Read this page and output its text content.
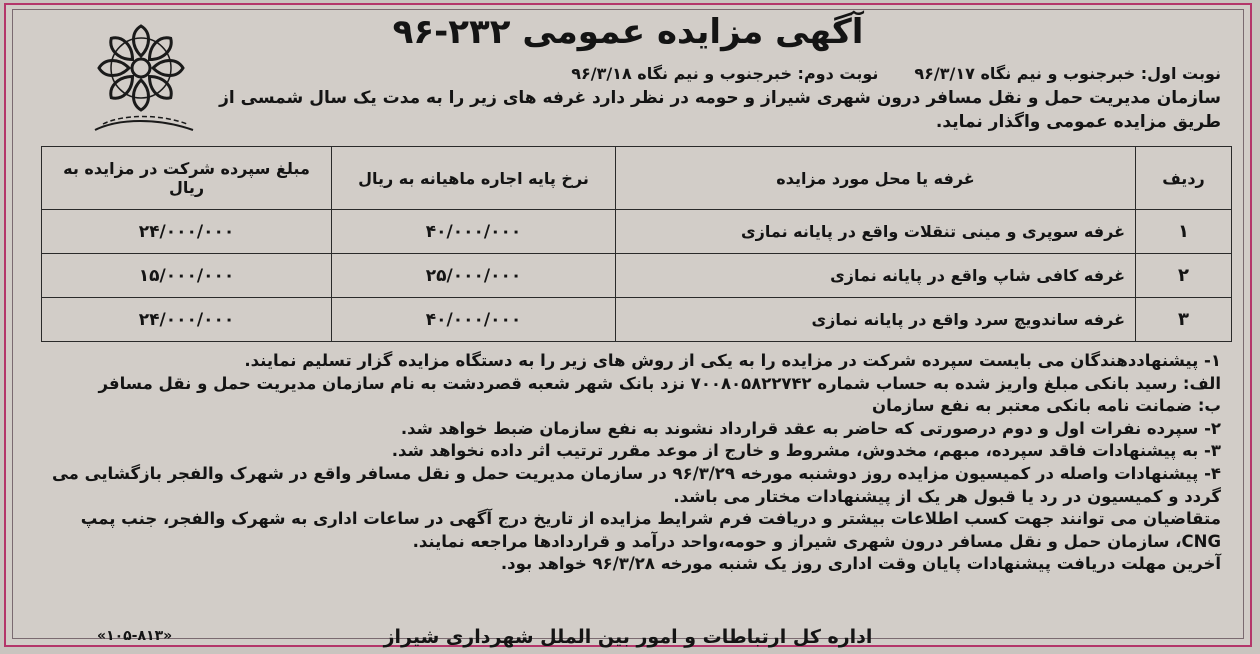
آگهی مزایده عمومی ۲۳۲-۹۶
نوبت اول: خبرجنوب و نیم نگاه ۹۶/۳/۱۷نوبت دوم: خبرجنوب و نیم نگاه ۹۶/۳/۱۸
سازمان مدیریت حمل و نقل مسافر درون شهری شیراز و حومه در نظر دارد غرفه های زیر را به مدت یک سال شمسی از طریق مزایده عمومی واگذار نماید.
ردیف	غرفه یا محل مورد مزایده	نرخ پایه اجاره ماهیانه به ریال	مبلغ سپرده شرکت در مزایده به ریال
۱	غرفه سوپری و مینی تنقلات واقع در پایانه نمازی	۴۰/۰۰۰/۰۰۰	۲۴/۰۰۰/۰۰۰
۲	غرفه کافی شاپ واقع در پایانه نمازی	۲۵/۰۰۰/۰۰۰	۱۵/۰۰۰/۰۰۰
۳	غرفه ساندویچ سرد واقع در پایانه نمازی	۴۰/۰۰۰/۰۰۰	۲۴/۰۰۰/۰۰۰
۱- پیشنهاددهندگان می بایست سپرده شرکت در مزایده را به یکی از روش های زیر را به دستگاه مزایده گزار تسلیم نمایند.
الف: رسید بانکی مبلغ واریز شده به حساب شماره ۷۰۰۸۰۵۸۲۲۷۴۲ نزد بانک شهر شعبه قصردشت به نام سازمان مدیریت حمل و نقل مسافر
ب: ضمانت نامه بانکی معتبر به نفع سازمان
۲- سپرده نفرات اول و دوم درصورتی که حاضر به عقد قرارداد نشوند به نفع سازمان ضبط خواهد شد.
۳- به پیشنهادات فاقد سپرده، مبهم، مخدوش، مشروط و خارج از موعد مقرر ترتیب اثر داده نخواهد شد.
۴- پیشنهادات واصله در کمیسیون مزایده روز دوشنبه مورخه ۹۶/۳/۲۹ در سازمان مدیریت حمل و نقل مسافر واقع در شهرک والفجر بازگشایی می
گردد و کمیسیون در رد یا قبول هر یک از پیشنهادات مختار می باشد.
متقاضیان می توانند جهت کسب اطلاعات بیشتر و دریافت فرم شرایط مزایده از تاریخ درج آگهی در ساعات اداری به شهرک والفجر، جنب پمپ
CNG، سازمان حمل و نقل مسافر درون شهری شیراز و حومه،واحد درآمد و قراردادها مراجعه نمایند.
آخرین مهلت دریافت پیشنهادات پایان وقت اداری روز یک شنبه مورخه ۹۶/۳/۲۸ خواهد بود.
اداره کل ارتباطات و امور بین الملل شهرداری شیراز
«۱۰۵-۸۱۳»
